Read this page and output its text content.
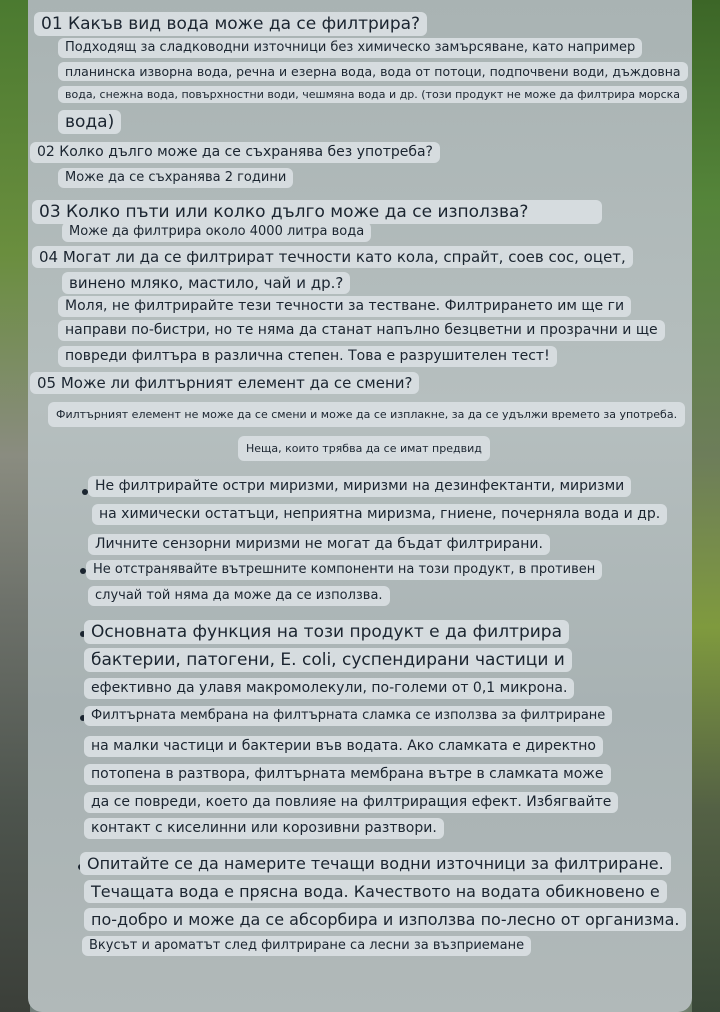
01 Какъв вид вода може да се филтрира?
Подходящ за сладководни източници без химическо замърсяване, като например
планинска изворна вода, речна и езерна вода, вода от потоци, подпочвени води, дъждовна
вода, снежна вода, повърхностни води, чешмяна вода и др. (този продукт не може да филтрира морска
вода)
02 Колко дълго може да се съхранява без употреба?
Може да се съхранява 2 години
03 Колко пъти или колко дълго може да се използва?
Може да филтрира около 4000 литра вода
04 Могат ли да се филтрират течности като кола, спрайт, соев сос, оцет,
винено мляко, мастило, чай и др.?
Моля, не филтрирайте тези течности за тестване. Филтрирането им ще ги
направи по-бистри, но те няма да станат напълно безцветни и прозрачни и ще
повреди филтъра в различна степен. Това е разрушителен тест!
05 Може ли филтърният елемент да се смени?
Филтърният елемент не може да се смени и може да се изплакне, за да се удължи времето за употреба.
Неща, които трябва да се имат предвид
Не филтрирайте остри миризми, миризми на дезинфектанти, миризми
на химически остатъци, неприятна миризма, гниене, почерняла вода и др.
Личните сензорни миризми не могат да бъдат филтрирани.
Не отстранявайте вътрешните компоненти на този продукт, в противен
случай той няма да може да се използва.
Основната функция на този продукт е да филтрира
бактерии, патогени, E. coli, суспендирани частици и
ефективно да улавя макромолекули, по-големи от 0,1 микрона.
Филтърната мембрана на филтърната сламка се използва за филтриране
на малки частици и бактерии във водата. Ако сламката е директно
потопена в разтвора, филтърната мембрана вътре в сламката може
да се повреди, което да повлияе на филтриращия ефект. Избягвайте
контакт с киселинни или корозивни разтвори.
Опитайте се да намерите течащи водни източници за филтриране.
Течащата вода е прясна вода. Качеството на водата обикновено е
по-добро и може да се абсорбира и използва по-лесно от организма.
Вкусът и ароматът след филтриране са лесни за възприемане
